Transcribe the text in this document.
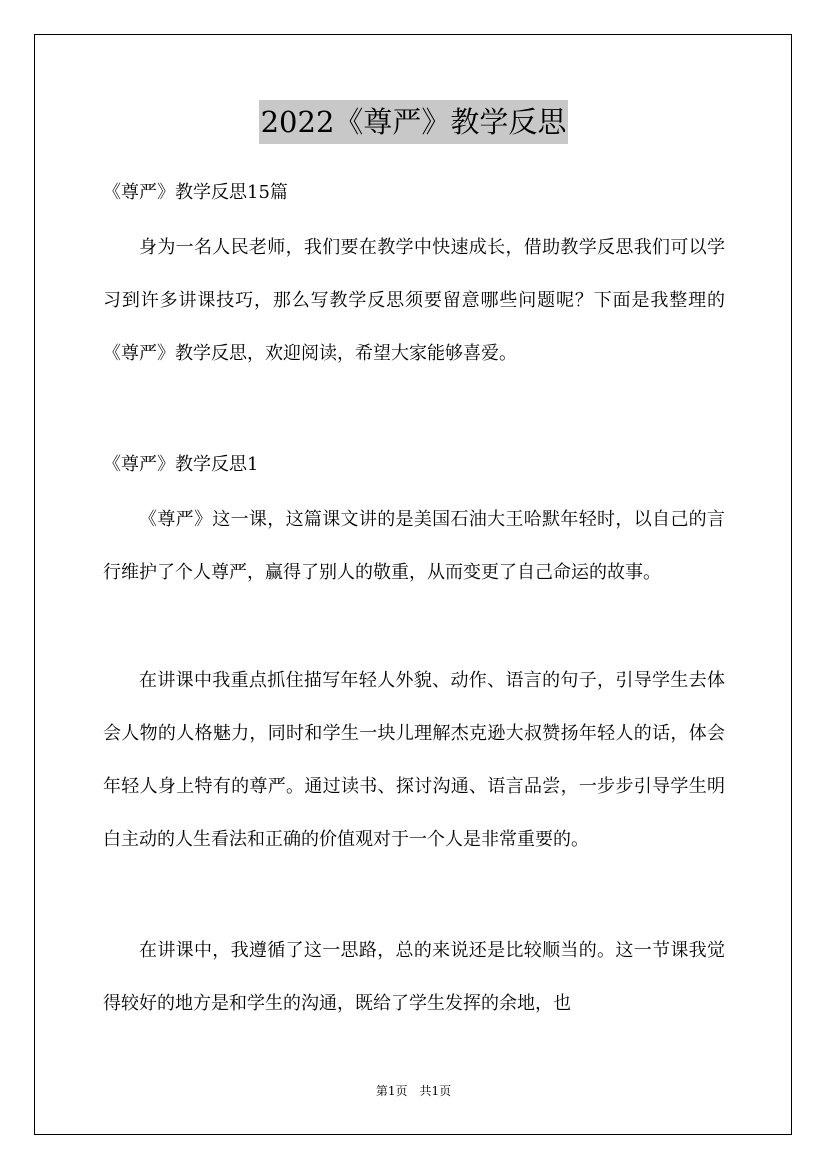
2022《尊严》教学反思
《尊严》教学反思15篇
身为一名人民老师，我们要在教学中快速成长，借助教学反思我们可以学习到许多讲课技巧，那么写教学反思须要留意哪些问题呢？下面是我整理的《尊严》教学反思，欢迎阅读，希望大家能够喜爱。
《尊严》教学反思1
《尊严》这一课，这篇课文讲的是美国石油大王哈默年轻时，以自己的言行维护了个人尊严，赢得了别人的敬重，从而变更了自己命运的故事。
在讲课中我重点抓住描写年轻人外貌、动作、语言的句子，引导学生去体会人物的人格魅力，同时和学生一块儿理解杰克逊大叔赞扬年轻人的话，体会年轻人身上特有的尊严。通过读书、探讨沟通、语言品尝，一步步引导学生明白主动的人生看法和正确的价值观对于一个人是非常重要的。
在讲课中，我遵循了这一思路，总的来说还是比较顺当的。这一节课我觉得较好的地方是和学生的沟通，既给了学生发挥的余地，也
第1页　共1页
